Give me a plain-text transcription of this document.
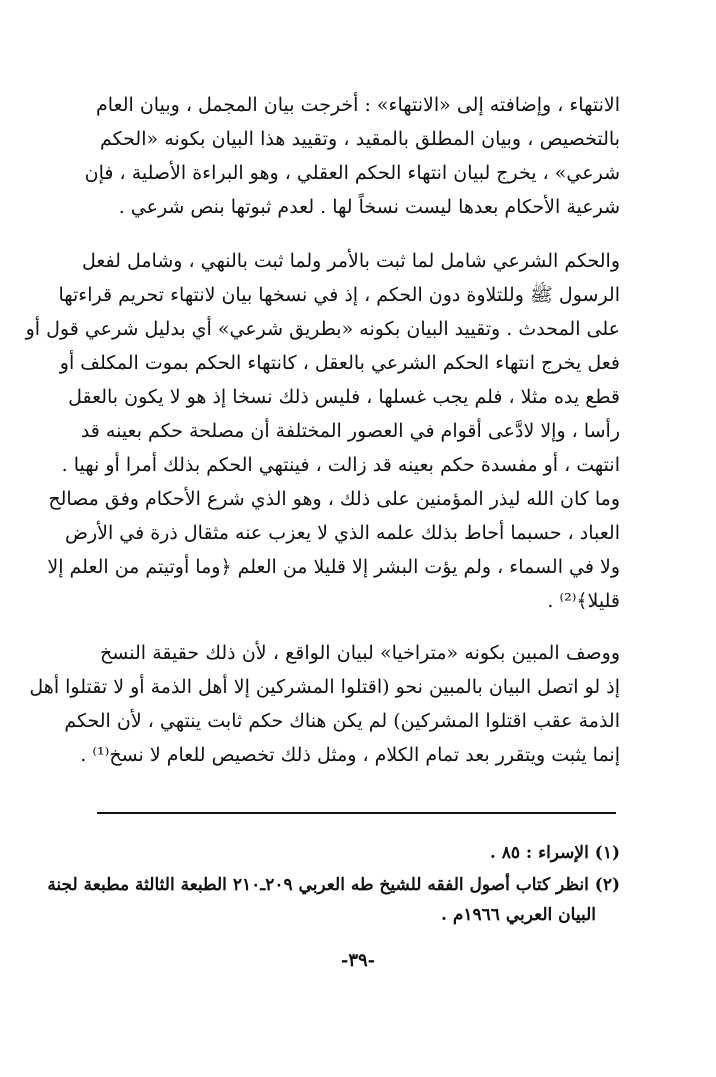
الانتهاء ، وإضافته إلى «الانتهاء» : أخرجت بيان المجمل ، وبيان العام
بالتخصيص ، وبيان المطلق بالمقيد ، وتقييد هذا البيان بكونه «الحكم
شرعي» ، يخرج لبيان انتهاء الحكم العقلي ، وهو البراءة الأصلية ، فإن
شرعية الأحكام بعدها ليست نسخاً لها . لعدم ثبوتها بنص شرعي .
والحكم الشرعي شامل لما ثبت بالأمر ولما ثبت بالنهي ، وشامل لفعل
الرسول ﷺ وللتلاوة دون الحكم ، إذ في نسخها بيان لانتهاء تحريم قراءتها
على المحدث . وتقييد البيان بكونه «بطريق شرعي» أي بدليل شرعي قول أو
فعل يخرج انتهاء الحكم الشرعي بالعقل ، كانتهاء الحكم بموت المكلف أو
قطع يده مثلا ، فلم يجب غسلها ، فليس ذلك نسخا إذ هو لا يكون بالعقل
رأسا ، وإلا لادَّعى أقوام في العصور المختلفة أن مصلحة حكم بعينه قد
انتهت ، أو مفسدة حكم بعينه قد زالت ، فينتهي الحكم بذلك أمرا أو نهيا .
وما كان الله ليذر المؤمنين على ذلك ، وهو الذي شرع الأحكام وفق مصالح
العباد ، حسبما أحاط بذلك علمه الذي لا يعزب عنه مثقال ذرة في الأرض
ولا في السماء ، ولم يؤت البشر إلا قليلا من العلم ﴿وما أوتيتم من العلم إلا
قليلا﴾⁽²⁾ .
ووصف المبين بكونه «متراخيا» لبيان الواقع ، لأن ذلك حقيقة النسخ
إذ لو اتصل البيان بالمبين نحو (اقتلوا المشركين إلا أهل الذمة أو لا تقتلوا أهل
الذمة عقب اقتلوا المشركين) لم يكن هناك حكم ثابت ينتهي ، لأن الحكم
إنما يثبت ويتقرر بعد تمام الكلام ، ومثل ذلك تخصيص للعام لا نسخ⁽¹⁾ .
(١) الإسراء : ٨٥ .
(٢) انظر كتاب أصول الفقه للشيخ طه العربي ٢٠٩ـ٢١٠ الطبعة الثالثة مطبعة لجنة
البيان العربي ١٩٦٦م .
-٣٩-
